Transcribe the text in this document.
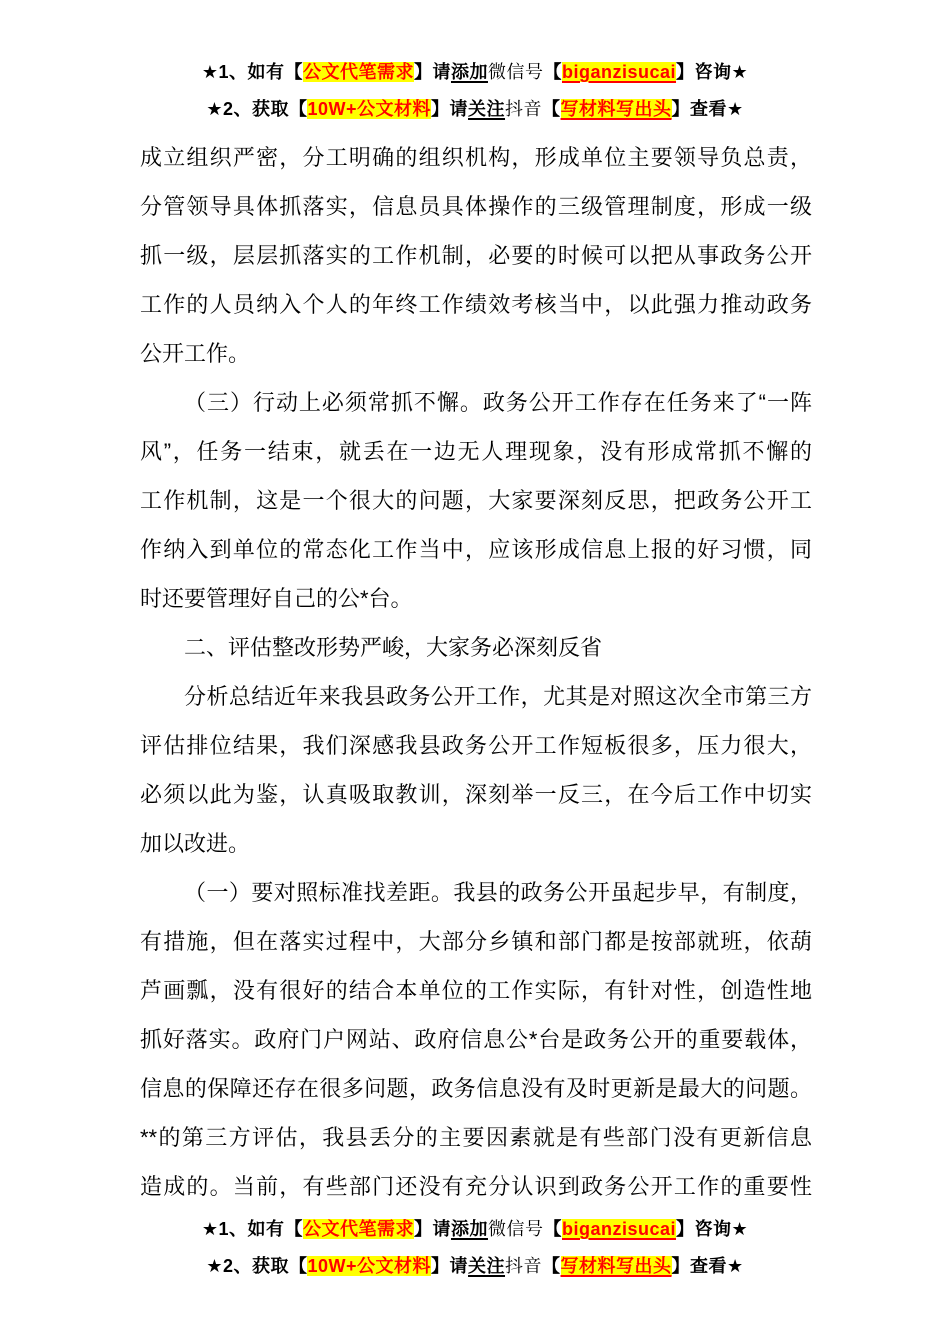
★1、如有【公文代笔需求】请添加微信号【biganzisucai】咨询★
★2、获取【10W+公文材料】请关注抖音【写材料写出头】查看★
成立组织严密，分工明确的组织机构，形成单位主要领导负总责，
分管领导具体抓落实，信息员具体操作的三级管理制度，形成一级
抓一级，层层抓落实的工作机制，必要的时候可以把从事政务公开
工作的人员纳入个人的年终工作绩效考核当中，以此强力推动政务
公开工作。
（三）行动上必须常抓不懈。政务公开工作存在任务来了“一阵
风”，任务一结束，就丢在一边无人理现象，没有形成常抓不懈的
工作机制，这是一个很大的问题，大家要深刻反思，把政务公开工
作纳入到单位的常态化工作当中，应该形成信息上报的好习惯，同
时还要管理好自己的公*台。
二、评估整改形势严峻，大家务必深刻反省
分析总结近年来我县政务公开工作，尤其是对照这次全市第三方
评估排位结果，我们深感我县政务公开工作短板很多，压力很大，
必须以此为鉴，认真吸取教训，深刻举一反三，在今后工作中切实
加以改进。
（一）要对照标准找差距。我县的政务公开虽起步早，有制度，
有措施，但在落实过程中，大部分乡镇和部门都是按部就班，依葫
芦画瓢，没有很好的结合本单位的工作实际，有针对性，创造性地
抓好落实。政府门户网站、政府信息公*台是政务公开的重要载体，
信息的保障还存在很多问题，政务信息没有及时更新是最大的问题。
**的第三方评估，我县丢分的主要因素就是有些部门没有更新信息
造成的。当前，有些部门还没有充分认识到政务公开工作的重要性
★1、如有【公文代笔需求】请添加微信号【biganzisucai】咨询★
★2、获取【10W+公文材料】请关注抖音【写材料写出头】查看★
